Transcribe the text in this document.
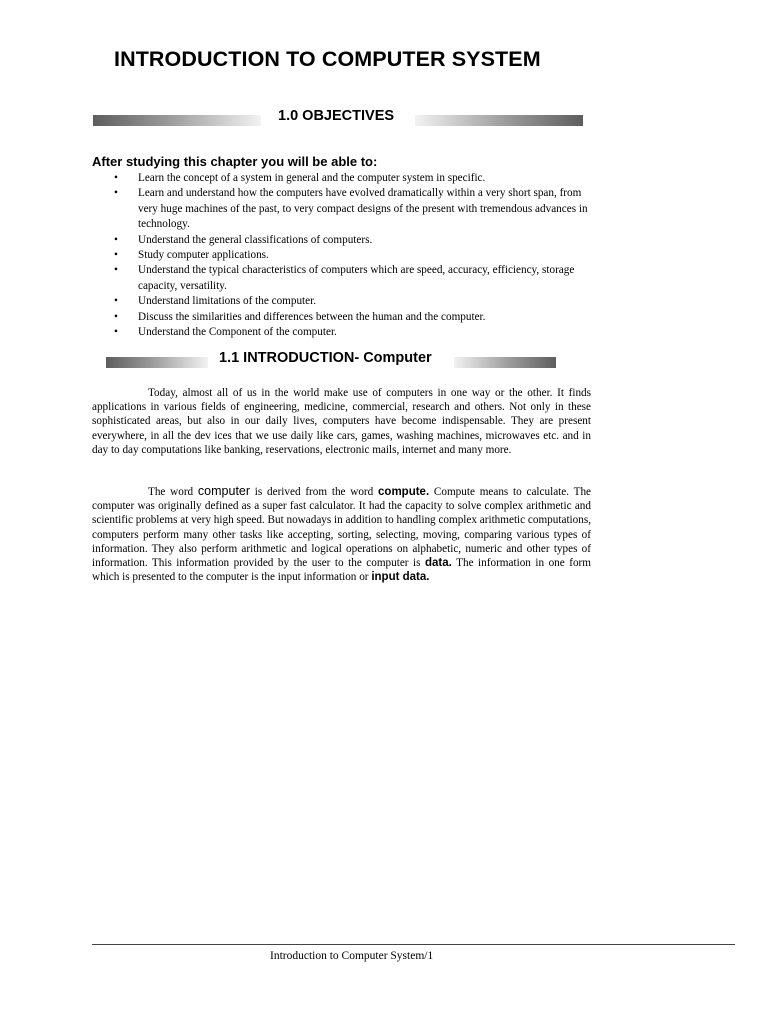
INTRODUCTION TO COMPUTER SYSTEM
1.0 OBJECTIVES
After studying this chapter you will be able to:
• Learn the concept of a system in general and the computer system in specific.
• Learn and understand how the computers have evolved dramatically within a very short span, from very huge machines of the past, to very compact designs of the present with tremendous advances in technology.
• Understand the general classifications of computers.
• Study computer applications.
• Understand the typical characteristics of computers which are speed, accuracy, efficiency, storage capacity, versatility.
• Understand limitations of the computer.
• Discuss the similarities and differences between the human and the computer.
• Understand the Component of the computer.
1.1 INTRODUCTION- Computer

Today, almost all of us in the world make use of computers in one way or the other. It finds applications in various fields of engineering, medicine, commercial, research and others. Not only in these sophisticated areas, but also in our daily lives, computers have become indispensable. They are present everywhere, in all the dev ices that we use daily like cars, games, washing machines, microwaves etc. and in day to day computations like banking, reservations, electronic mails, internet and many more.

The word computer is derived from the word compute. Compute means to calculate. The computer was originally defined as a super fast calculator. It had the capacity to solve complex arithmetic and scientific problems at very high speed. But nowadays in addition to handling complex arithmetic computations, computers perform many other tasks like accepting, sorting, selecting, moving, comparing various types of information. They also perform arithmetic and logical operations on alphabetic, numeric and other types of information. This information provided by the user to the computer is data. The information in one form which is presented to the computer is the input information or input data.

Introduction to Computer System/1
